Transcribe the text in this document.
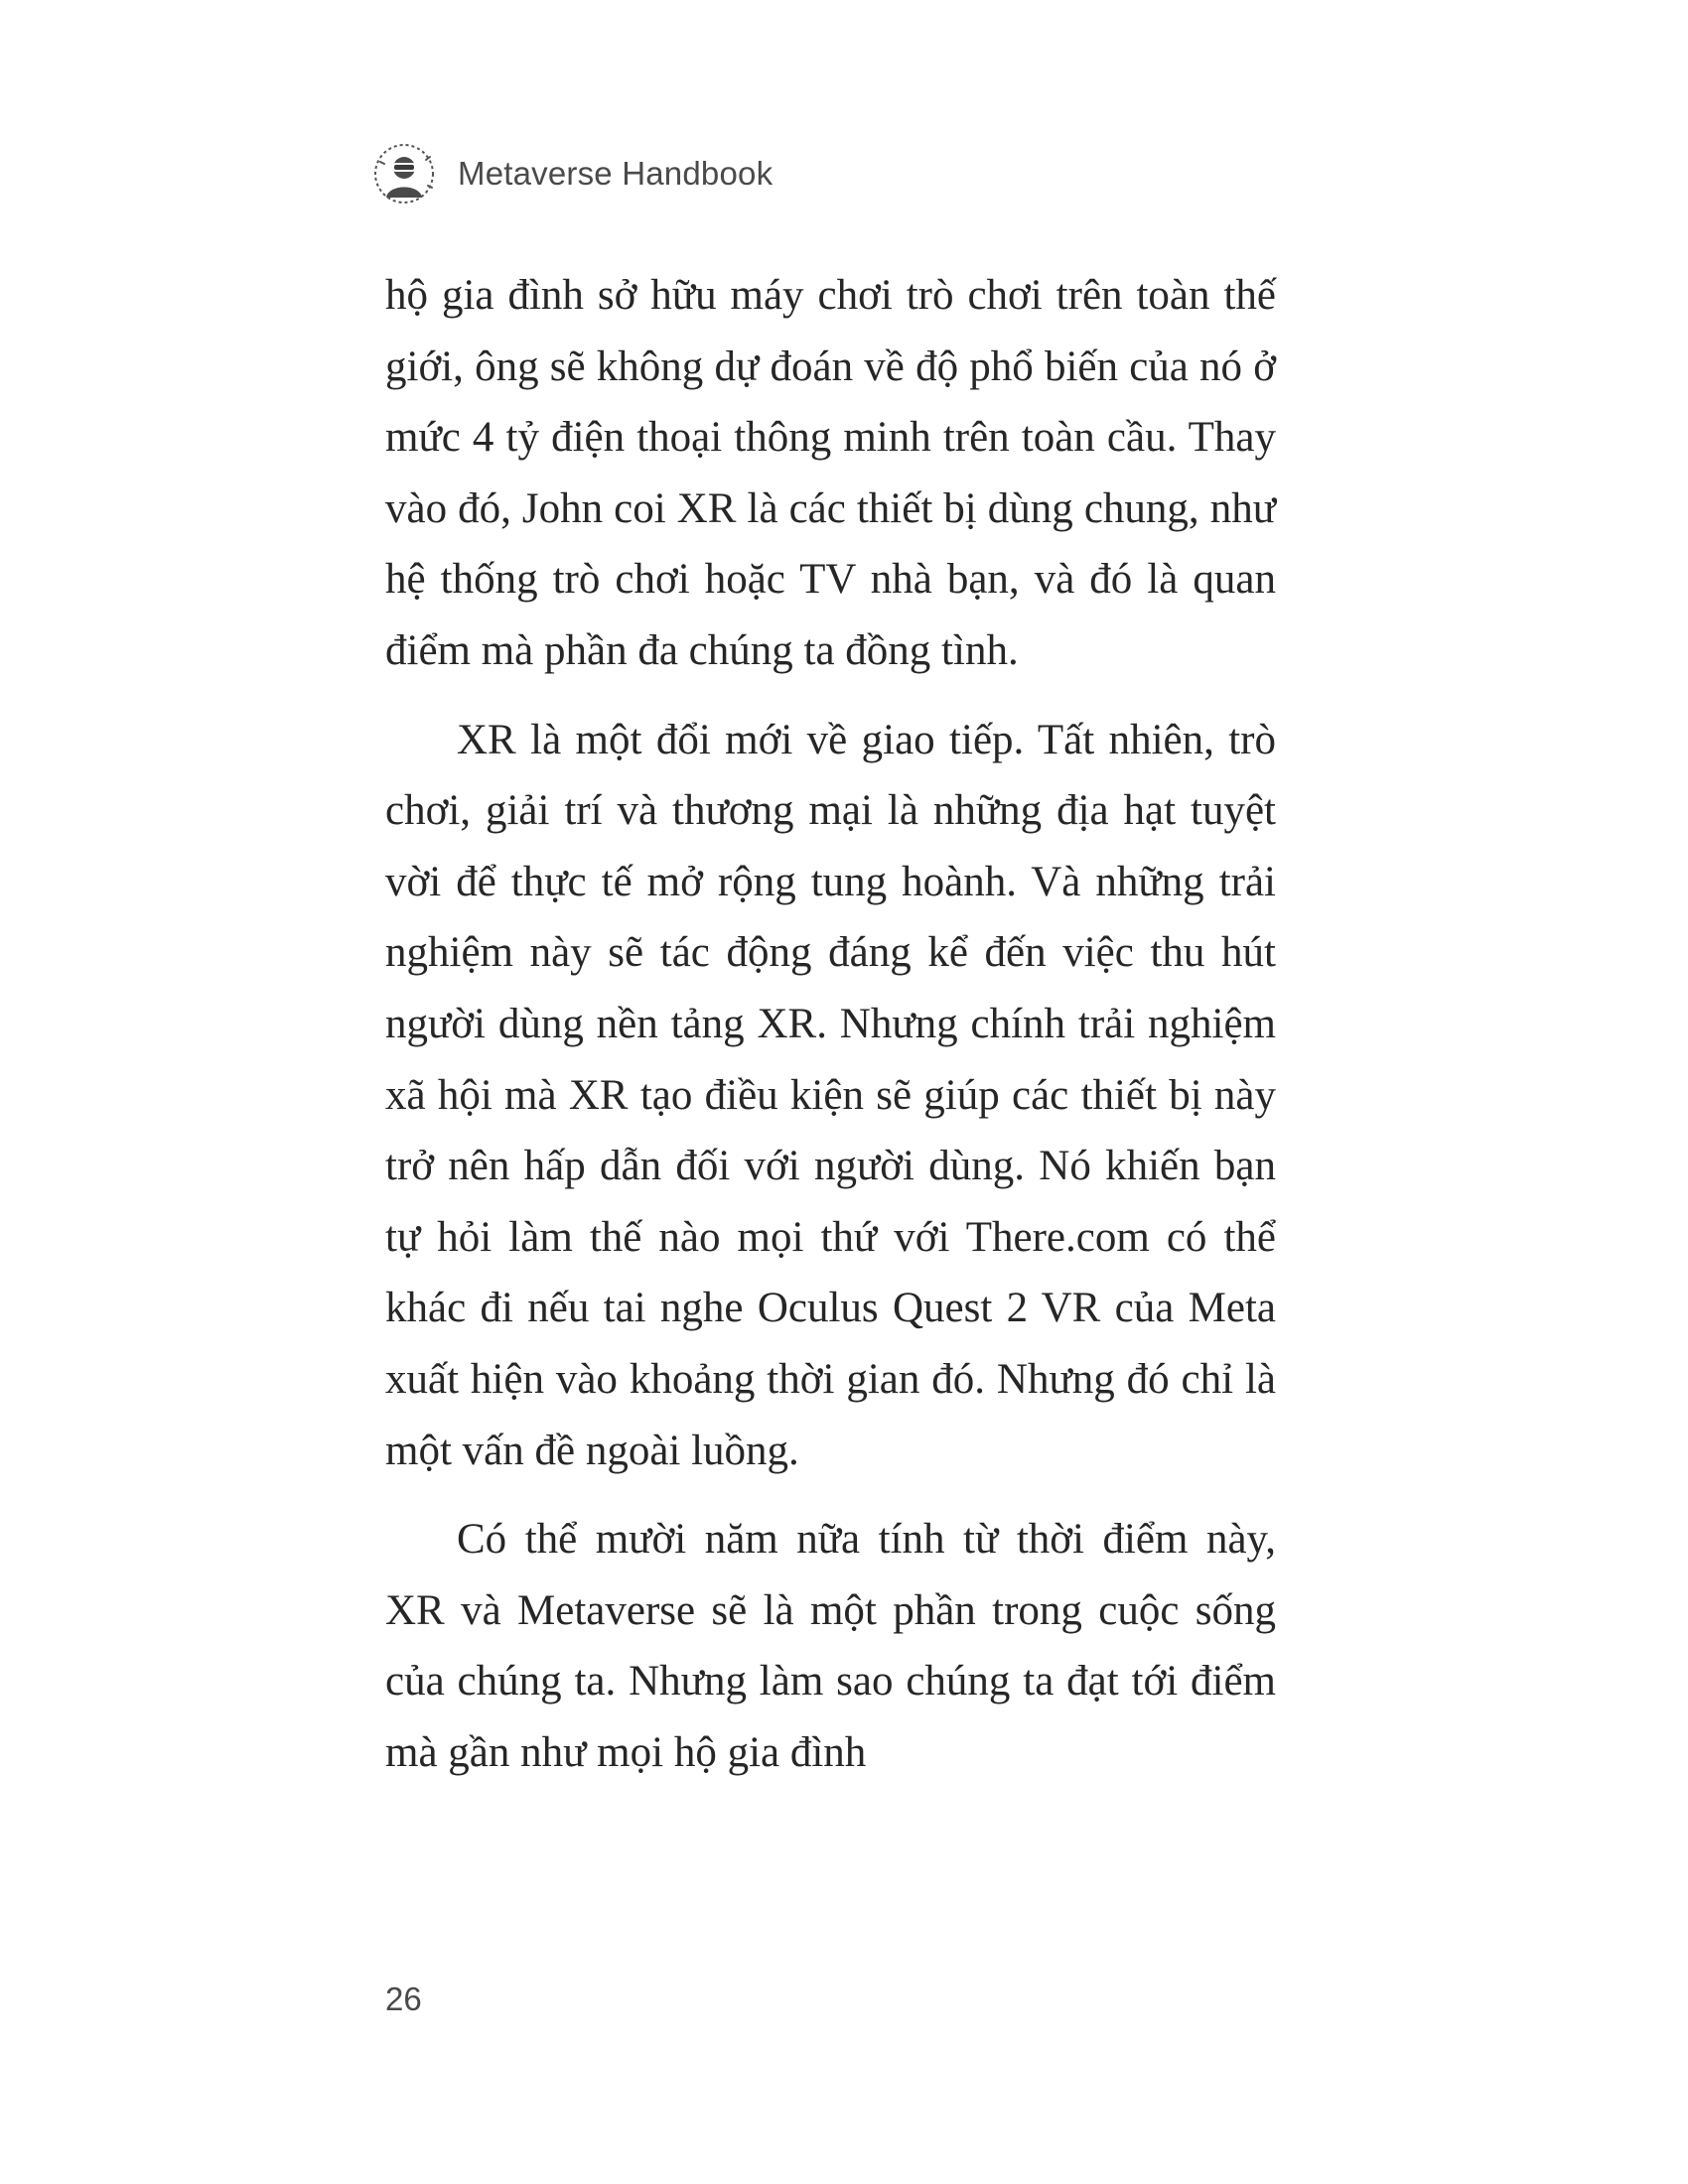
Metaverse Handbook

hộ gia đình sở hữu máy chơi trò chơi trên toàn thế giới, ông sẽ không dự đoán về độ phổ biến của nó ở mức 4 tỷ điện thoại thông minh trên toàn cầu. Thay vào đó, John coi XR là các thiết bị dùng chung, như hệ thống trò chơi hoặc TV nhà bạn, và đó là quan điểm mà phần đa chúng ta đồng tình.

XR là một đổi mới về giao tiếp. Tất nhiên, trò chơi, giải trí và thương mại là những địa hạt tuyệt vời để thực tế mở rộng tung hoành. Và những trải nghiệm này sẽ tác động đáng kể đến việc thu hút người dùng nền tảng XR. Nhưng chính trải nghiệm xã hội mà XR tạo điều kiện sẽ giúp các thiết bị này trở nên hấp dẫn đối với người dùng. Nó khiến bạn tự hỏi làm thế nào mọi thứ với There.com có thể khác đi nếu tai nghe Oculus Quest 2 VR của Meta xuất hiện vào khoảng thời gian đó. Nhưng đó chỉ là một vấn đề ngoài luồng.

Có thể mười năm nữa tính từ thời điểm này, XR và Metaverse sẽ là một phần trong cuộc sống của chúng ta. Nhưng làm sao chúng ta đạt tới điểm mà gần như mọi hộ gia đình

26
